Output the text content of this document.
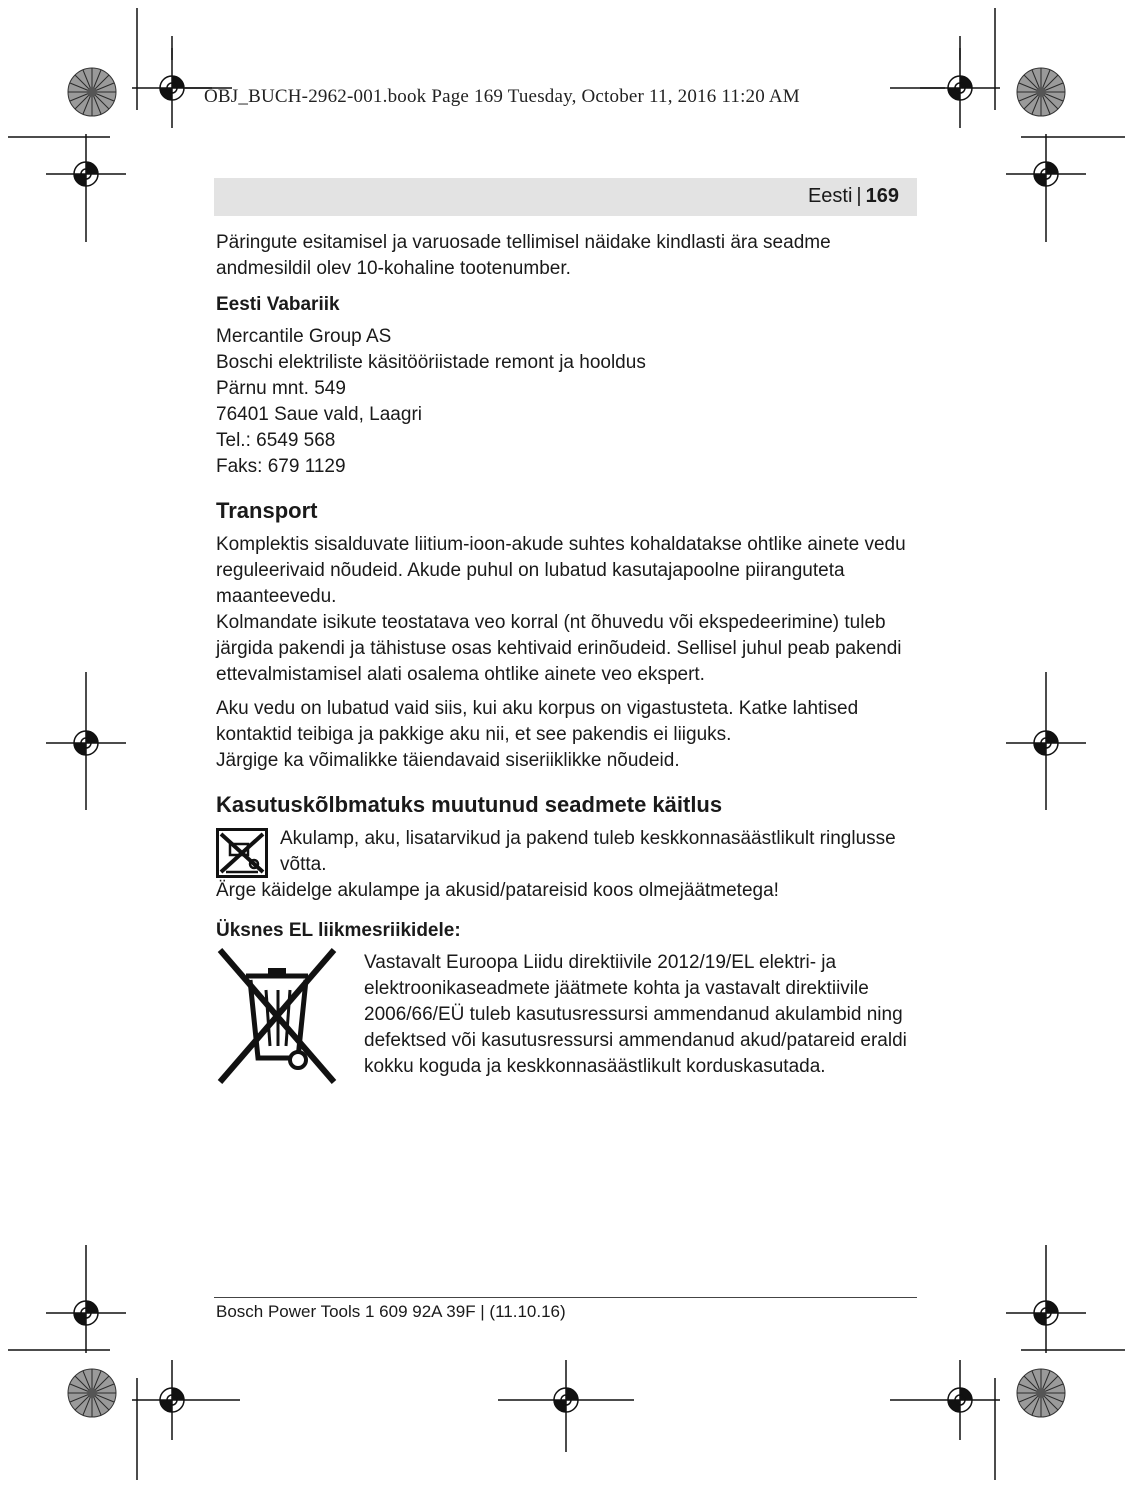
OBJ_BUCH-2962-001.book Page 169 Tuesday, October 11, 2016 11:20 AM
Eesti | 169

Päringute esitamisel ja varuosade tellimisel näidake kindlasti ära seadme andmesildil olev 10-kohaline tootenumber.

Eesti Vabariik

Mercantile Group AS

Boschi elektriliste käsitööriistade remont ja hooldus

Pärnu mnt. 549

76401 Saue vald, Laagri

Tel.: 6549 568

Faks: 679 1129

Transport

Komplektis sisalduvate liitium-ioon-akude suhtes kohaldatakse ohtlike ainete vedu reguleerivaid nõudeid. Akude puhul on lubatud kasutajapoolne piiranguteta maanteevedu.

Kolmandate isikute teostatava veo korral (nt õhuvedu või ekspedeerimine) tuleb järgida pakendi ja tähistuse osas kehtivaid erinõudeid. Sellisel juhul peab pakendi ettevalmistamisel alati osalema ohtlike ainete veo ekspert.

Aku vedu on lubatud vaid siis, kui aku korpus on vigastusteta. Katke lahtised kontaktid teibiga ja pakkige aku nii, et see pakendis ei liiguks.

Järgige ka võimalikke täiendavaid siseriiklikke nõudeid.

Kasutuskõlbmatuks muutunud seadmete käitlus

Akulamp, aku, lisatarvikud ja pakend tuleb keskkonnasäästlikult ringlusse võtta.

Ärge käidelge akulampe ja akusid/patareisid koos olmejäätmetega!

Üksnes EL liikmesriikidele:

Vastavalt Euroopa Liidu direktiivile 2012/19/EL elektri- ja elektroonikaseadmete jäätmete kohta ja vastavalt direktiivile 2006/66/EÜ tuleb kasutusressursi ammendanud akulambid ning defektsed või kasutusressursi ammendanud akud/patareid eraldi kokku koguda ja keskkonnasäästlikult korduskasutada.

Bosch Power Tools 1 609 92A 39F | (11.10.16)
